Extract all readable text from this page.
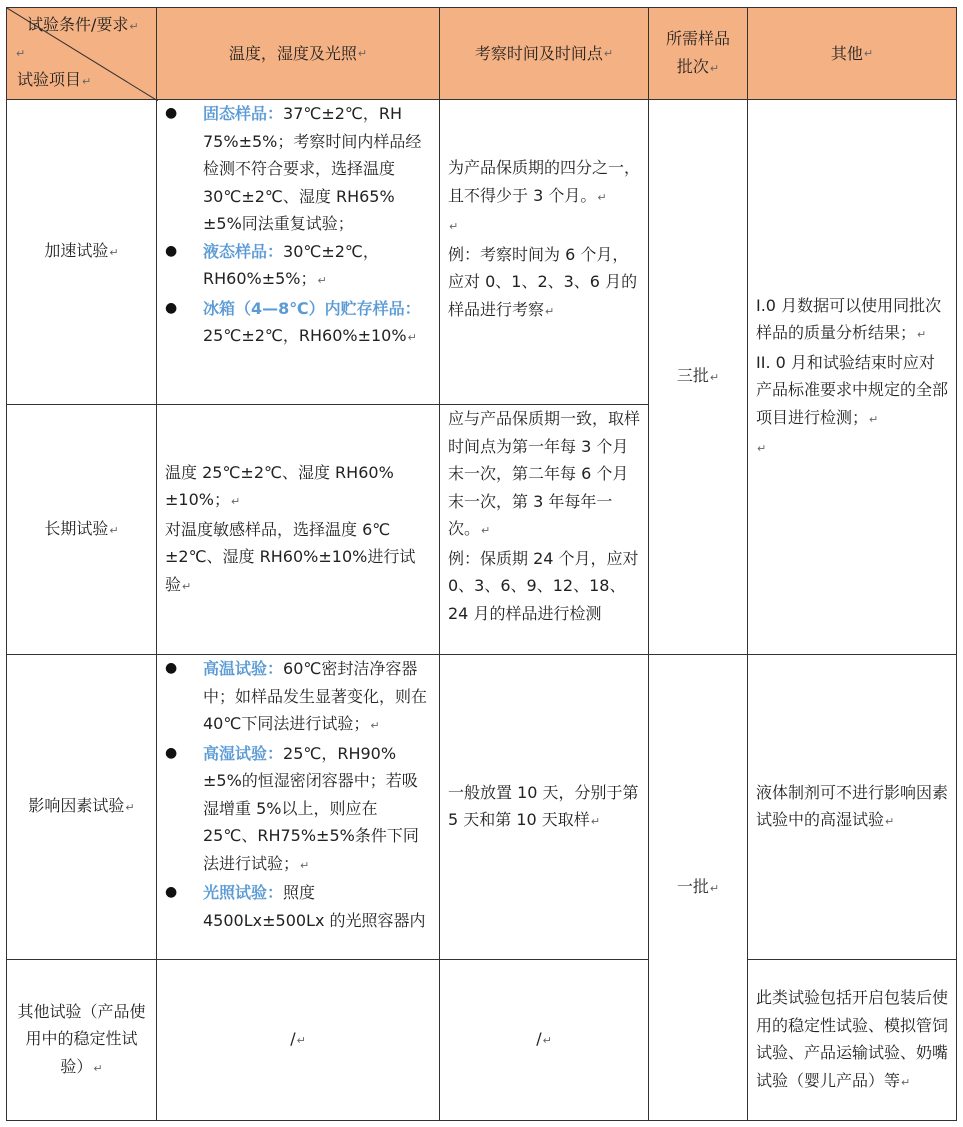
试验条件/要求↵
↵
试验项目↵
温度，湿度及光照 ↵	考察时间及时间点 ↵
所需样品
批次↵
其他 ↵
加速试验↵
● 固态样品：37℃±2℃，RH 75%±5%；考察时间内样品经检测不符合要求，选择温度 30℃±2℃、湿度 RH65%±5%同法重复试验；
● 液态样品：30℃±2℃，RH60%±5%；↵
● 冰箱（4—8℃）内贮存样品：25℃±2℃，RH60%±10%↵
为产品保质期的四分之一，且不得少于 3 个月。↵
↵
例：考察时间为 6 个月，应对 0、1、2、3、6 月的样品进行考察↵
三批↵
I.0 月数据可以使用同批次样品的质量分析结果；↵
II. 0 月和试验结束时应对产品标准要求中规定的全部项目进行检测；↵
↵
长期试验↵
温度 25℃±2℃、湿度 RH60%±10%；↵
对温度敏感样品，选择温度 6℃±2℃、湿度 RH60%±10%进行试验↵
应与产品保质期一致，取样时间点为第一年每 3 个月末一次，第二年每 6 个月末一次，第 3 年每年一次。↵
例：保质期 24 个月，应对 0、3、6、9、12、18、24 月的样品进行检测
影响因素试验↵
● 高温试验：60℃密封洁净容器中；如样品发生显著变化，则在 40℃下同法进行试验；↵
● 高湿试验：25℃，RH90%±5%的恒湿密闭容器中；若吸湿增重 5%以上，则应在 25℃、RH75%±5%条件下同法进行试验；↵
● 光照试验：照度 4500Lx±500Lx 的光照容器内
一般放置 10 天，分别于第 5 天和第 10 天取样↵
一批↵
液体制剂可不进行影响因素试验中的高湿试验↵
其他试验（产品使用中的稳定性试验）↵
/↵	/↵
此类试验包括开启包装后使用的稳定性试验、模拟管饲试验、产品运输试验、奶嘴试验（婴儿产品）等↵
